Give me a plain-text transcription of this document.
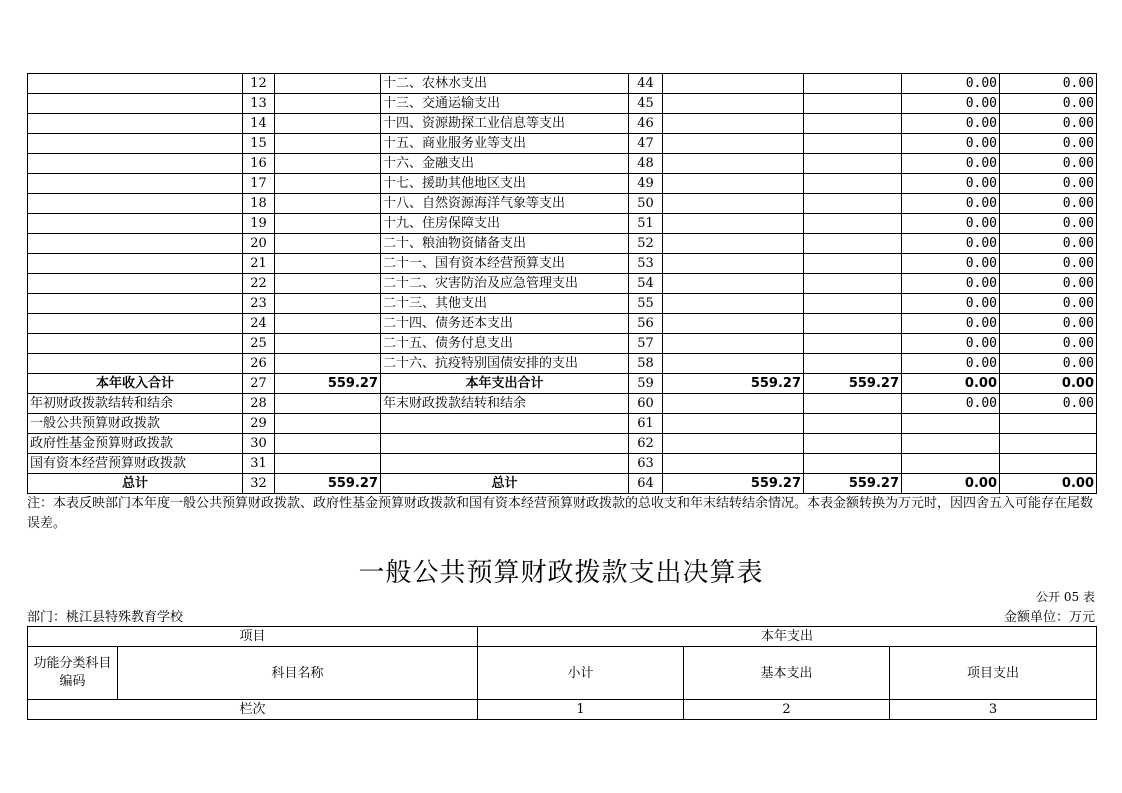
	12		十二、农林水支出	44			0.00	0.00
	13		十三、交通运输支出	45			0.00	0.00
	14		十四、资源勘探工业信息等支出	46			0.00	0.00
	15		十五、商业服务业等支出	47			0.00	0.00
	16		十六、金融支出	48			0.00	0.00
	17		十七、援助其他地区支出	49			0.00	0.00
	18		十八、自然资源海洋气象等支出	50			0.00	0.00
	19		十九、住房保障支出	51			0.00	0.00
	20		二十、粮油物资储备支出	52			0.00	0.00
	21		二十一、国有资本经营预算支出	53			0.00	0.00
	22		二十二、灾害防治及应急管理支出	54			0.00	0.00
	23		二十三、其他支出	55			0.00	0.00
	24		二十四、债务还本支出	56			0.00	0.00
	25		二十五、债务付息支出	57			0.00	0.00
	26		二十六、抗疫特别国债安排的支出	58			0.00	0.00
本年收入合计	27	559.27	本年支出合计	59	559.27	559.27	0.00	0.00
年初财政拨款结转和结余	28		年末财政拨款结转和结余	60			0.00	0.00
一般公共预算财政拨款	29			61				
政府性基金预算财政拨款	30			62				
国有资本经营预算财政拨款	31			63				
总计	32	559.27	总计	64	559.27	559.27	0.00	0.00
注：本表反映部门本年度一般公共预算财政拨款、政府性基金预算财政拨款和国有资本经营预算财政拨款的总收支和年末结转结余情况。本表金额转换为万元时，因四舍五入可能存在尾数误差。
一般公共预算财政拨款支出决算表
公开 05 表
部门：桃江县特殊教育学校	金额单位：万元
项目		本年支出		
功能分类科目编码	科目名称	小计	基本支出	项目支出
栏次		1	2	3
